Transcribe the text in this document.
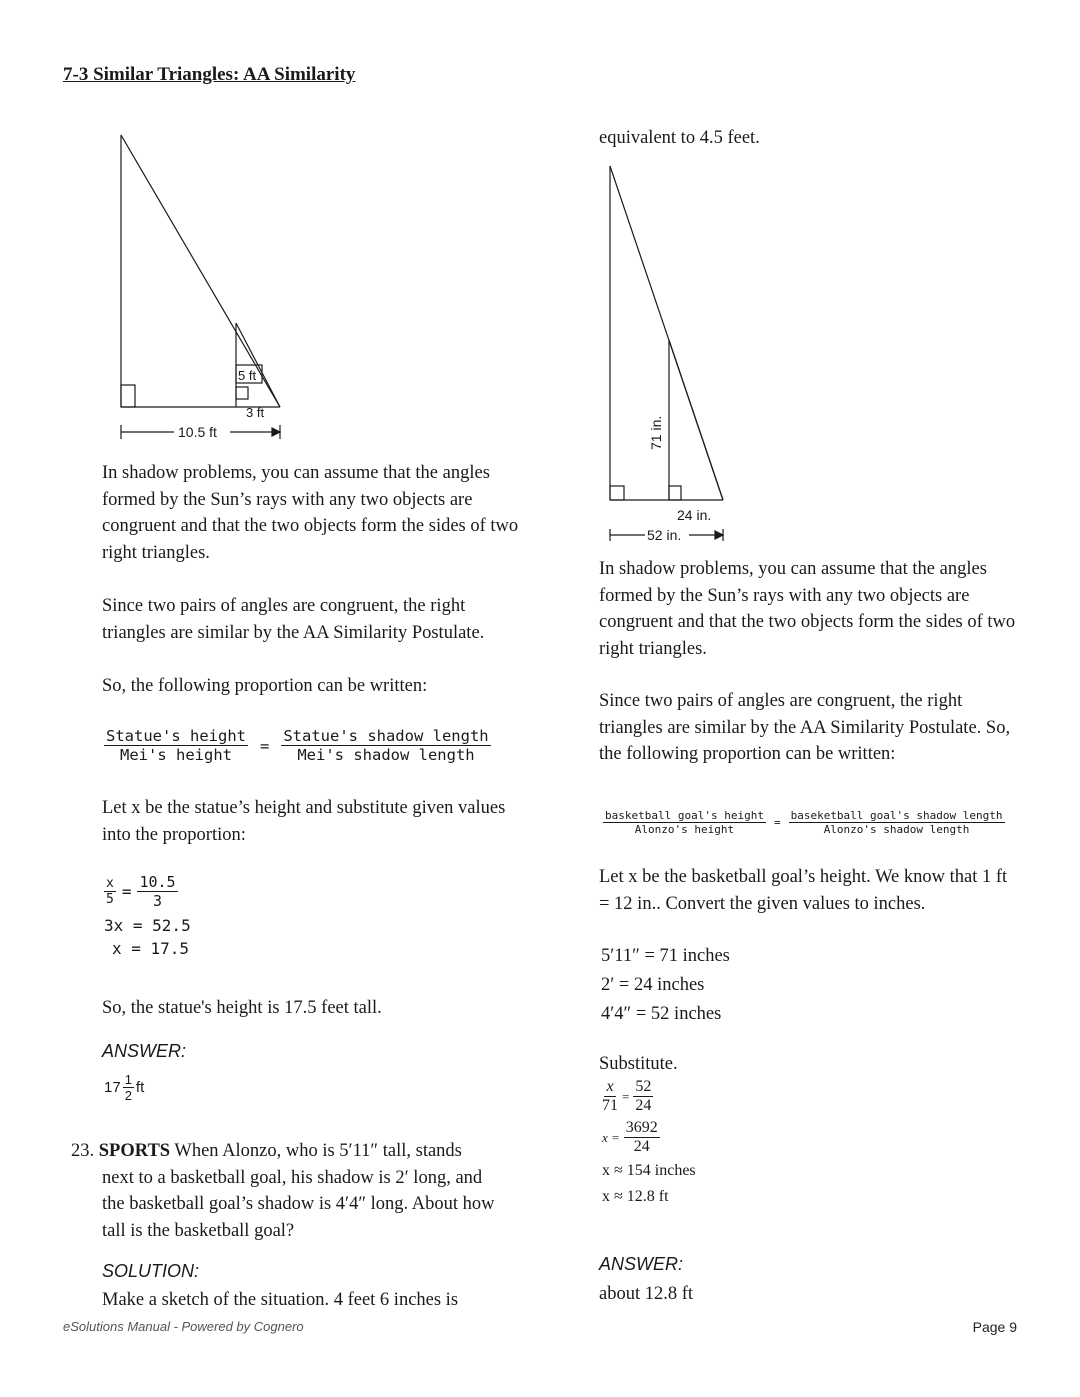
7-3 Similar Triangles: AA Similarity
10.5 ft
5 ft
3 ft
In shadow problems, you can assume that the angles formed by the Sun’s rays with any two objects are congruent and that the two objects form the sides of two right triangles.
Since two pairs of angles are congruent, the right triangles are similar by the AA Similarity Postulate.
So, the following proportion can be written:
$\frac{\text{Statue's height}}{\text{Mei's height}} = \frac{\text{Statue's shadow length}}{\text{Mei's shadow length}}$
Let x be the statue’s height and substitute given values into the proportion:
$\frac{x}{5} = \frac{10.5}{3}$
3x = 52.5
x = 17.5
So, the statue's height is 17.5 feet tall.
ANSWER:
$17 \frac{1}{2}$ ft
23. SPORTS When Alonzo, who is 5′11″ tall, stands
next to a basketball goal, his shadow is 2′ long, and
the basketball goal’s shadow is 4′4″ long. About how
tall is the basketball goal?
SOLUTION:
Make a sketch of the situation. 4 feet 6 inches is
equivalent to 4.5 feet.
52 in.
24 in.
71 in.
In shadow problems, you can assume that the angles formed by the Sun’s rays with any two objects are congruent and that the two objects form the sides of two right triangles.
Since two pairs of angles are congruent, the right triangles are similar by the AA Similarity Postulate. So, the following proportion can be written:
$\frac{\text{basketball goal's height}}{\text{Alonzo's height}} = \frac{\text{baseketball goal's shadow length}}{\text{Alonzo's shadow length}}$
Let x be the basketball goal’s height. We know that 1 ft = 12 in.. Convert the given values to inches.
5′11″ = 71 inches
2′ = 24 inches
4′4″ = 52 inches
Substitute.
$\frac{x}{71} = \frac{52}{24}$
$x = \frac{3692}{24}$
x ≈ 154 inches
x ≈ 12.8 ft
ANSWER:
about 12.8 ft
eSolutions Manual - Powered by Cognero	Page 9
